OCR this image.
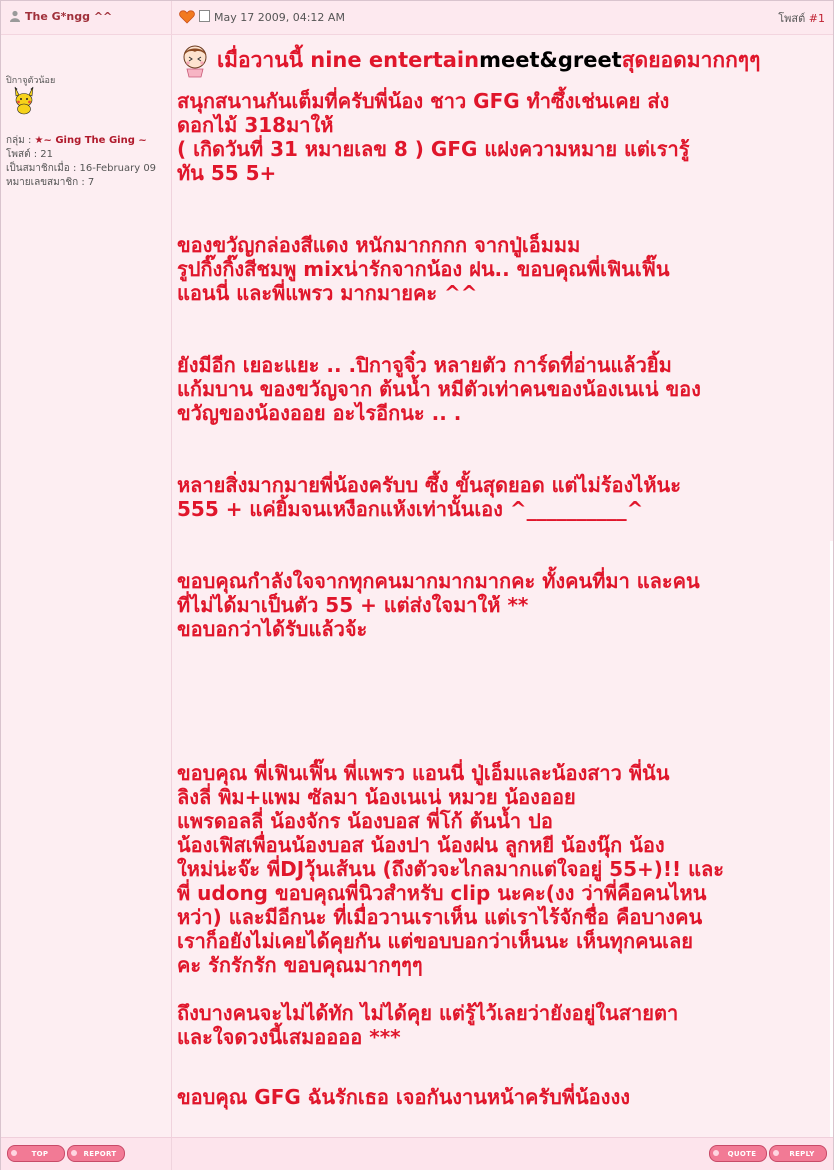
The G*ngg ^^	May 17 2009, 04:12 AM	โพสต์ #1
ปิกาจูตัวน้อย
กลุ่ม : ★~ Ging The Ging ~
โพสต์ : 21
เป็นสมาชิกเมื่อ : 16-February 09
หมายเลขสมาชิก : 7
เมื่อวานนี้ nine entertain meet&greet สุดยอดมากกๆๆ

สนุกสนานกันเต็มที่ครับพี่น้อง ชาว GFG ทำซึ้งเช่นเคย ส่ง
ดอกไม้ 318มาให้
( เกิดวันที่ 31 หมายเลข 8 ) GFG แฝงความหมาย แต่เรารู้
ทัน 55 5+

ของขวัญกล่องสีแดง หนักมากกกก จากปู่เอ็มมม
รูปกิ๊งกิ๊งสีชมพู mixน่ารักจากน้อง ฝน.. ขอบคุณพี่เฟินเฟิ๊น
แอนนี่ และพี่แพรว มากมายคะ ^^

ยังมีอีก เยอะแยะ .. .ปิกาจูจิ๋ว หลายตัว การ์ดที่อ่านแล้วยิ้ม
แก้มบาน ของขวัญจาก ต้นน้ำ หมีตัวเท่าคนของน้องเนเน่ ของ
ขวัญของน้องออย อะไรอีกนะ .. .

หลายสิ่งมากมายพี่น้องครับบ ซึ้ง ขั้นสุดยอด แต่ไม่ร้องไห้นะ
555 + แค่ยิ้มจนเหงือกแห้งเท่านั้นเอง ^__________^

ขอบคุณกำลังใจจากทุกคนมากมากมากคะ ทั้งคนที่มา และคน
ที่ไม่ได้มาเป็นตัว 55 + แต่ส่งใจมาให้ **
ขอบอกว่าได้รับแล้วจ้ะ

ขอบคุณ พี่เฟินเฟิ๊น พี่แพรว แอนนี่ ปู่เอ็มและน้องสาว พี่นัน
ลิงลี่ พิม+แพม ซัลมา น้องเนเน่ หมวย น้องออย
แพรดอลลี่ น้องจักร น้องบอส พี่โก้ ต้นน้ำ ปอ
น้องเฟิสเพื่อนน้องบอส น้องปา น้องฝน ลูกหยี น้องนุ๊ก น้อง
ใหม่น่ะจ๊ะ พี่DJวุ้นเส้นน (ถึงตัวจะไกลมากแต่ใจอยู่ 55+)!! และ
พี่ udong ขอบคุณพี่นิวสำหรับ clip นะคะ(งง ว่าพี่คือคนไหน
หว่า) และมีอีกนะ ที่เมื่อวานเราเห็น แต่เราไร้จักชื่อ คือบางคน
เราก็อยังไม่เคยได้คุยกัน แต่ขอบบอกว่าเห็นนะ เห็นทุกคนเลย
คะ รักรักรัก ขอบคุณมากๆๆๆ

ถึงบางคนจะไม่ได้ทัก ไม่ได้คุย แต่รู้ไว้เลยว่ายังอยู่ในสายตา
และใจดวงนี้เสมออออ ***

ขอบคุณ GFG ฉันรักเธอ เจอกันงานหน้าครับพี่น้องงง

TOP	REPORT	QUOTE	REPLY
